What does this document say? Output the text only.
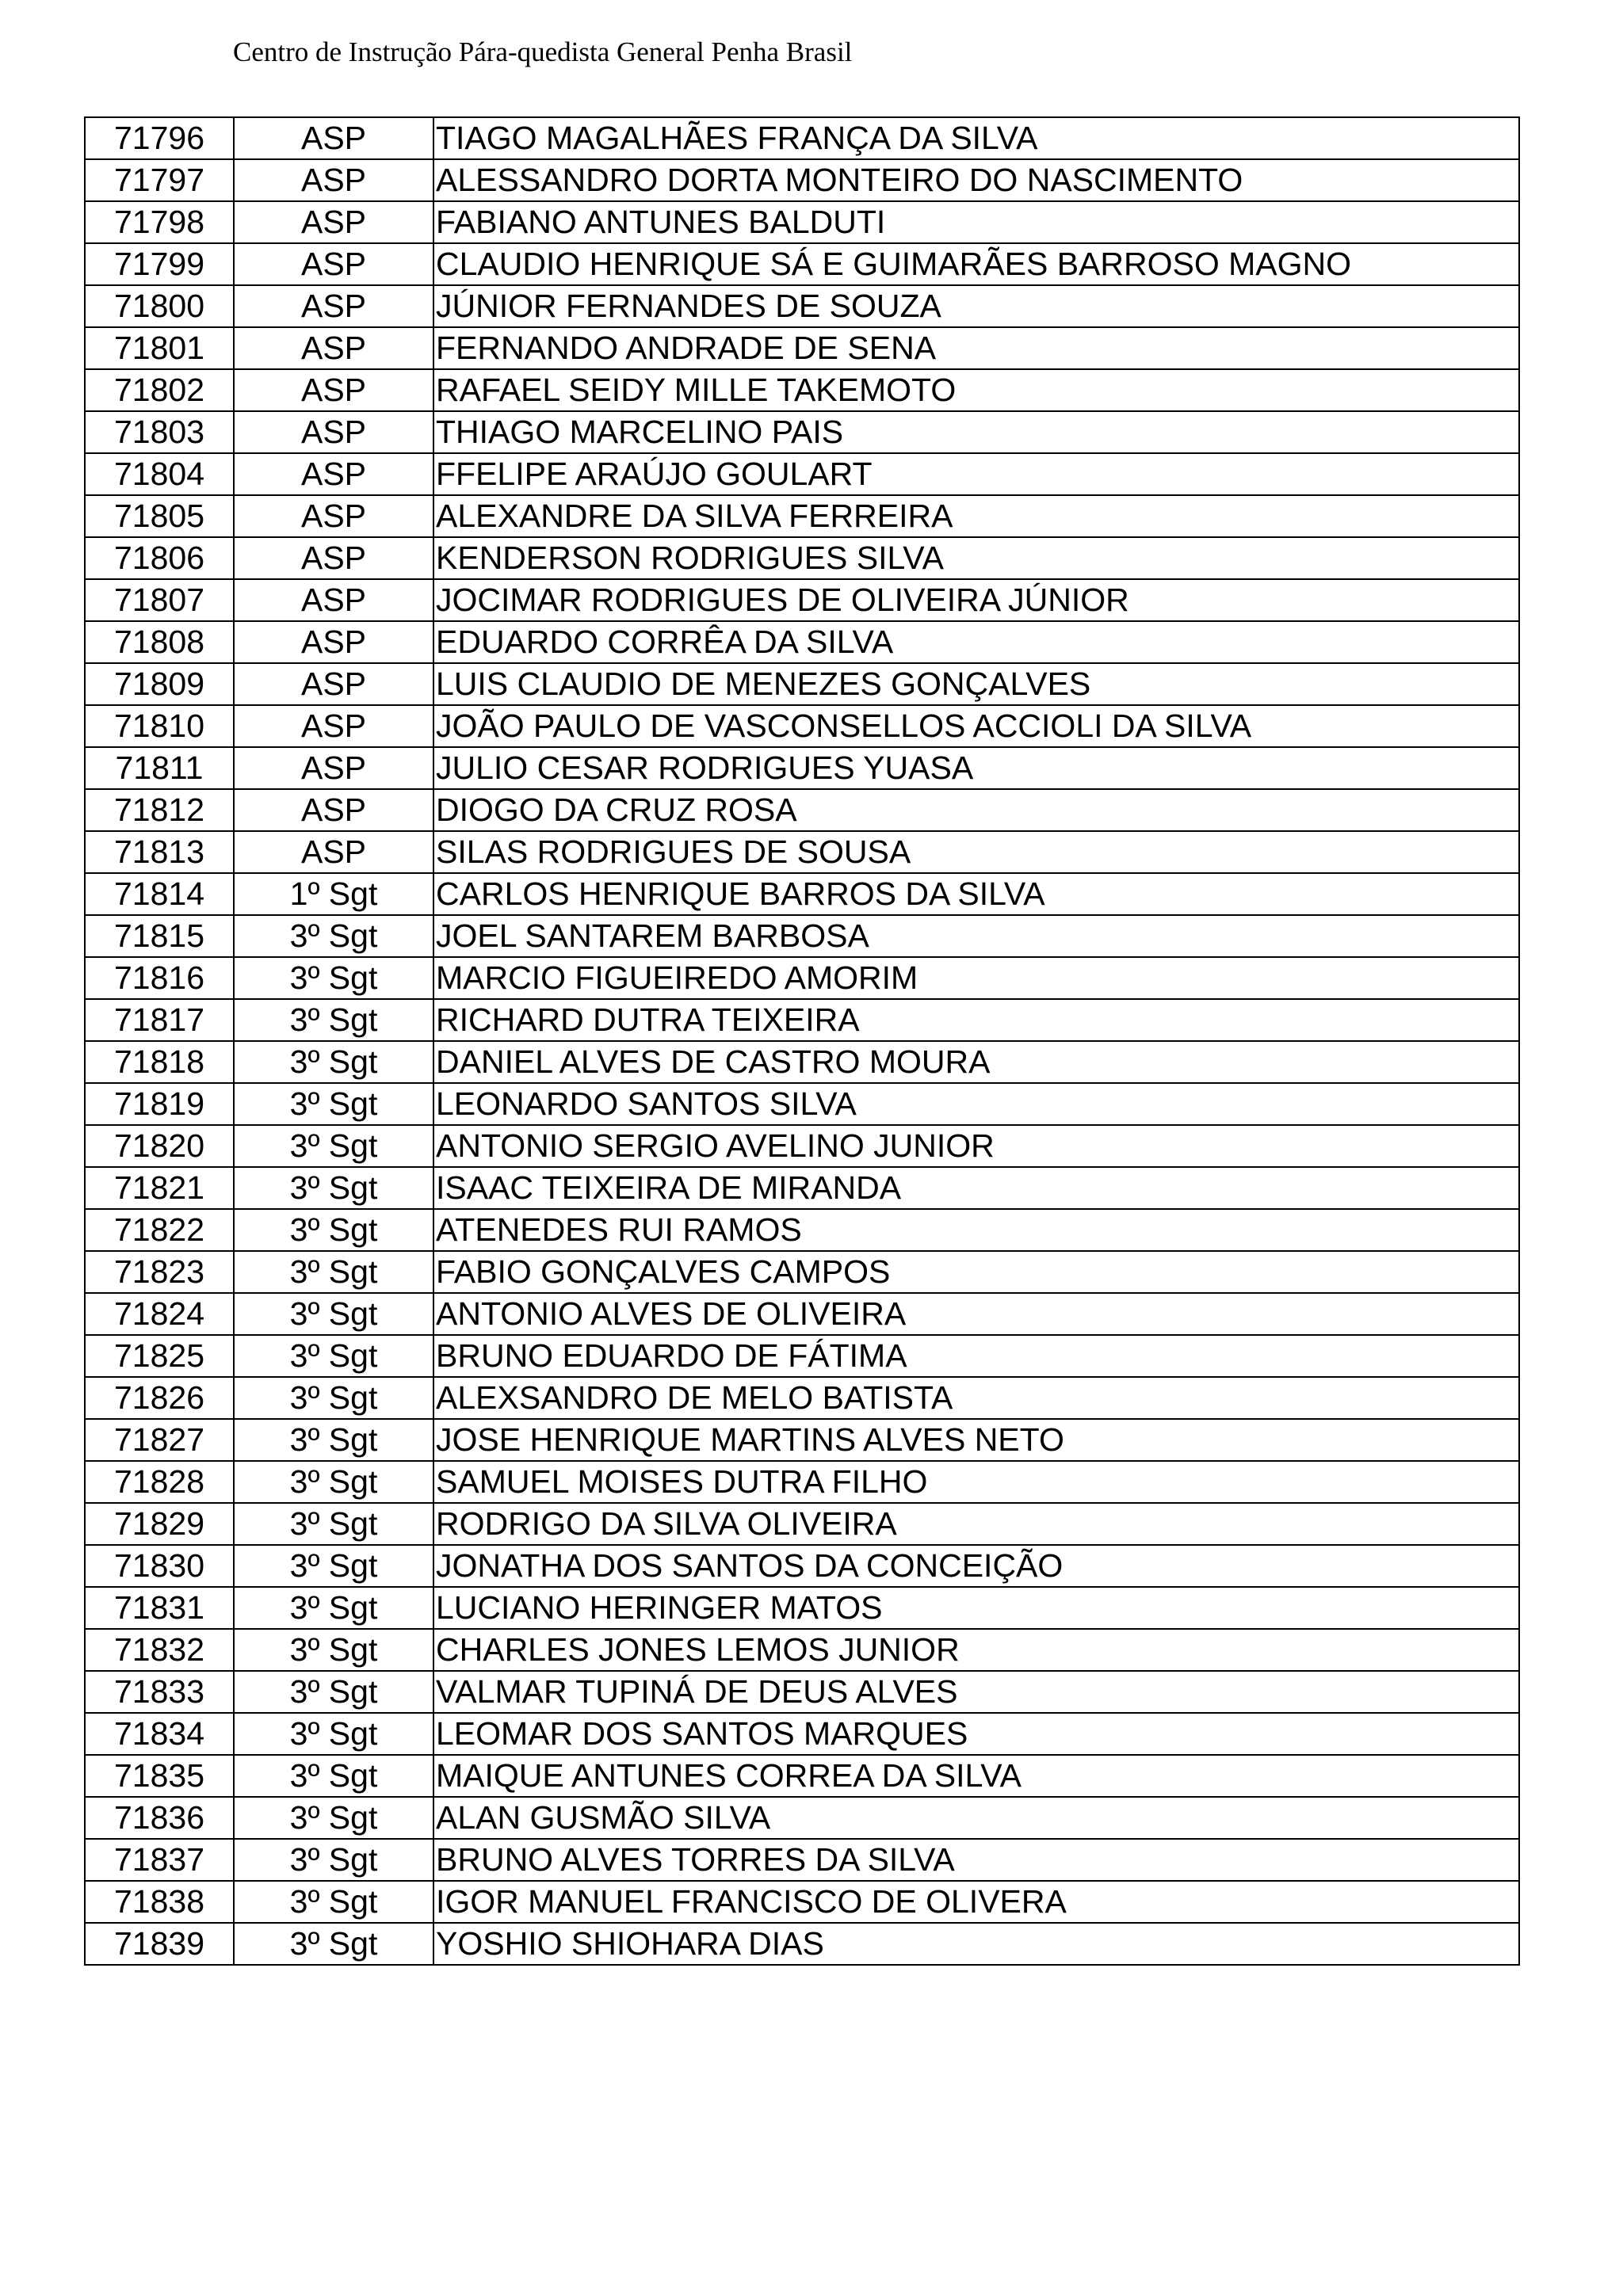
Centro de Instrução Pára-quedista General Penha Brasil
71796	ASP	TIAGO MAGALHÃES FRANÇA DA SILVA
71797	ASP	ALESSANDRO DORTA MONTEIRO DO NASCIMENTO
71798	ASP	FABIANO ANTUNES BALDUTI
71799	ASP	CLAUDIO HENRIQUE SÁ E GUIMARÃES BARROSO MAGNO
71800	ASP	JÚNIOR FERNANDES DE SOUZA
71801	ASP	FERNANDO ANDRADE DE SENA
71802	ASP	RAFAEL SEIDY MILLE TAKEMOTO
71803	ASP	THIAGO MARCELINO PAIS
71804	ASP	FFELIPE ARAÚJO GOULART
71805	ASP	ALEXANDRE DA SILVA FERREIRA
71806	ASP	KENDERSON RODRIGUES SILVA
71807	ASP	JOCIMAR RODRIGUES DE OLIVEIRA JÚNIOR
71808	ASP	EDUARDO CORRÊA DA SILVA
71809	ASP	LUIS CLAUDIO DE MENEZES GONÇALVES
71810	ASP	JOÃO PAULO DE VASCONSELLOS ACCIOLI DA SILVA
71811	ASP	JULIO CESAR RODRIGUES YUASA
71812	ASP	DIOGO DA CRUZ ROSA
71813	ASP	SILAS RODRIGUES DE SOUSA
71814	1º Sgt	CARLOS HENRIQUE BARROS DA SILVA
71815	3º Sgt	JOEL SANTAREM BARBOSA
71816	3º Sgt	MARCIO FIGUEIREDO AMORIM
71817	3º Sgt	RICHARD DUTRA TEIXEIRA
71818	3º Sgt	DANIEL ALVES DE CASTRO MOURA
71819	3º Sgt	LEONARDO SANTOS SILVA
71820	3º Sgt	ANTONIO SERGIO AVELINO JUNIOR
71821	3º Sgt	ISAAC TEIXEIRA DE MIRANDA
71822	3º Sgt	ATENEDES RUI RAMOS
71823	3º Sgt	FABIO GONÇALVES CAMPOS
71824	3º Sgt	ANTONIO ALVES DE OLIVEIRA
71825	3º Sgt	BRUNO EDUARDO DE FÁTIMA
71826	3º Sgt	ALEXSANDRO DE MELO BATISTA
71827	3º Sgt	JOSE HENRIQUE MARTINS ALVES NETO
71828	3º Sgt	SAMUEL MOISES DUTRA FILHO
71829	3º Sgt	RODRIGO DA SILVA OLIVEIRA
71830	3º Sgt	JONATHA DOS SANTOS DA CONCEIÇÃO
71831	3º Sgt	LUCIANO HERINGER MATOS
71832	3º Sgt	CHARLES JONES LEMOS JUNIOR
71833	3º Sgt	VALMAR TUPINÁ DE DEUS ALVES
71834	3º Sgt	LEOMAR DOS SANTOS MARQUES
71835	3º Sgt	MAIQUE ANTUNES CORREA DA SILVA
71836	3º Sgt	ALAN GUSMÃO SILVA
71837	3º Sgt	BRUNO ALVES TORRES DA SILVA
71838	3º Sgt	IGOR MANUEL FRANCISCO DE OLIVERA
71839	3º Sgt	YOSHIO SHIOHARA DIAS
